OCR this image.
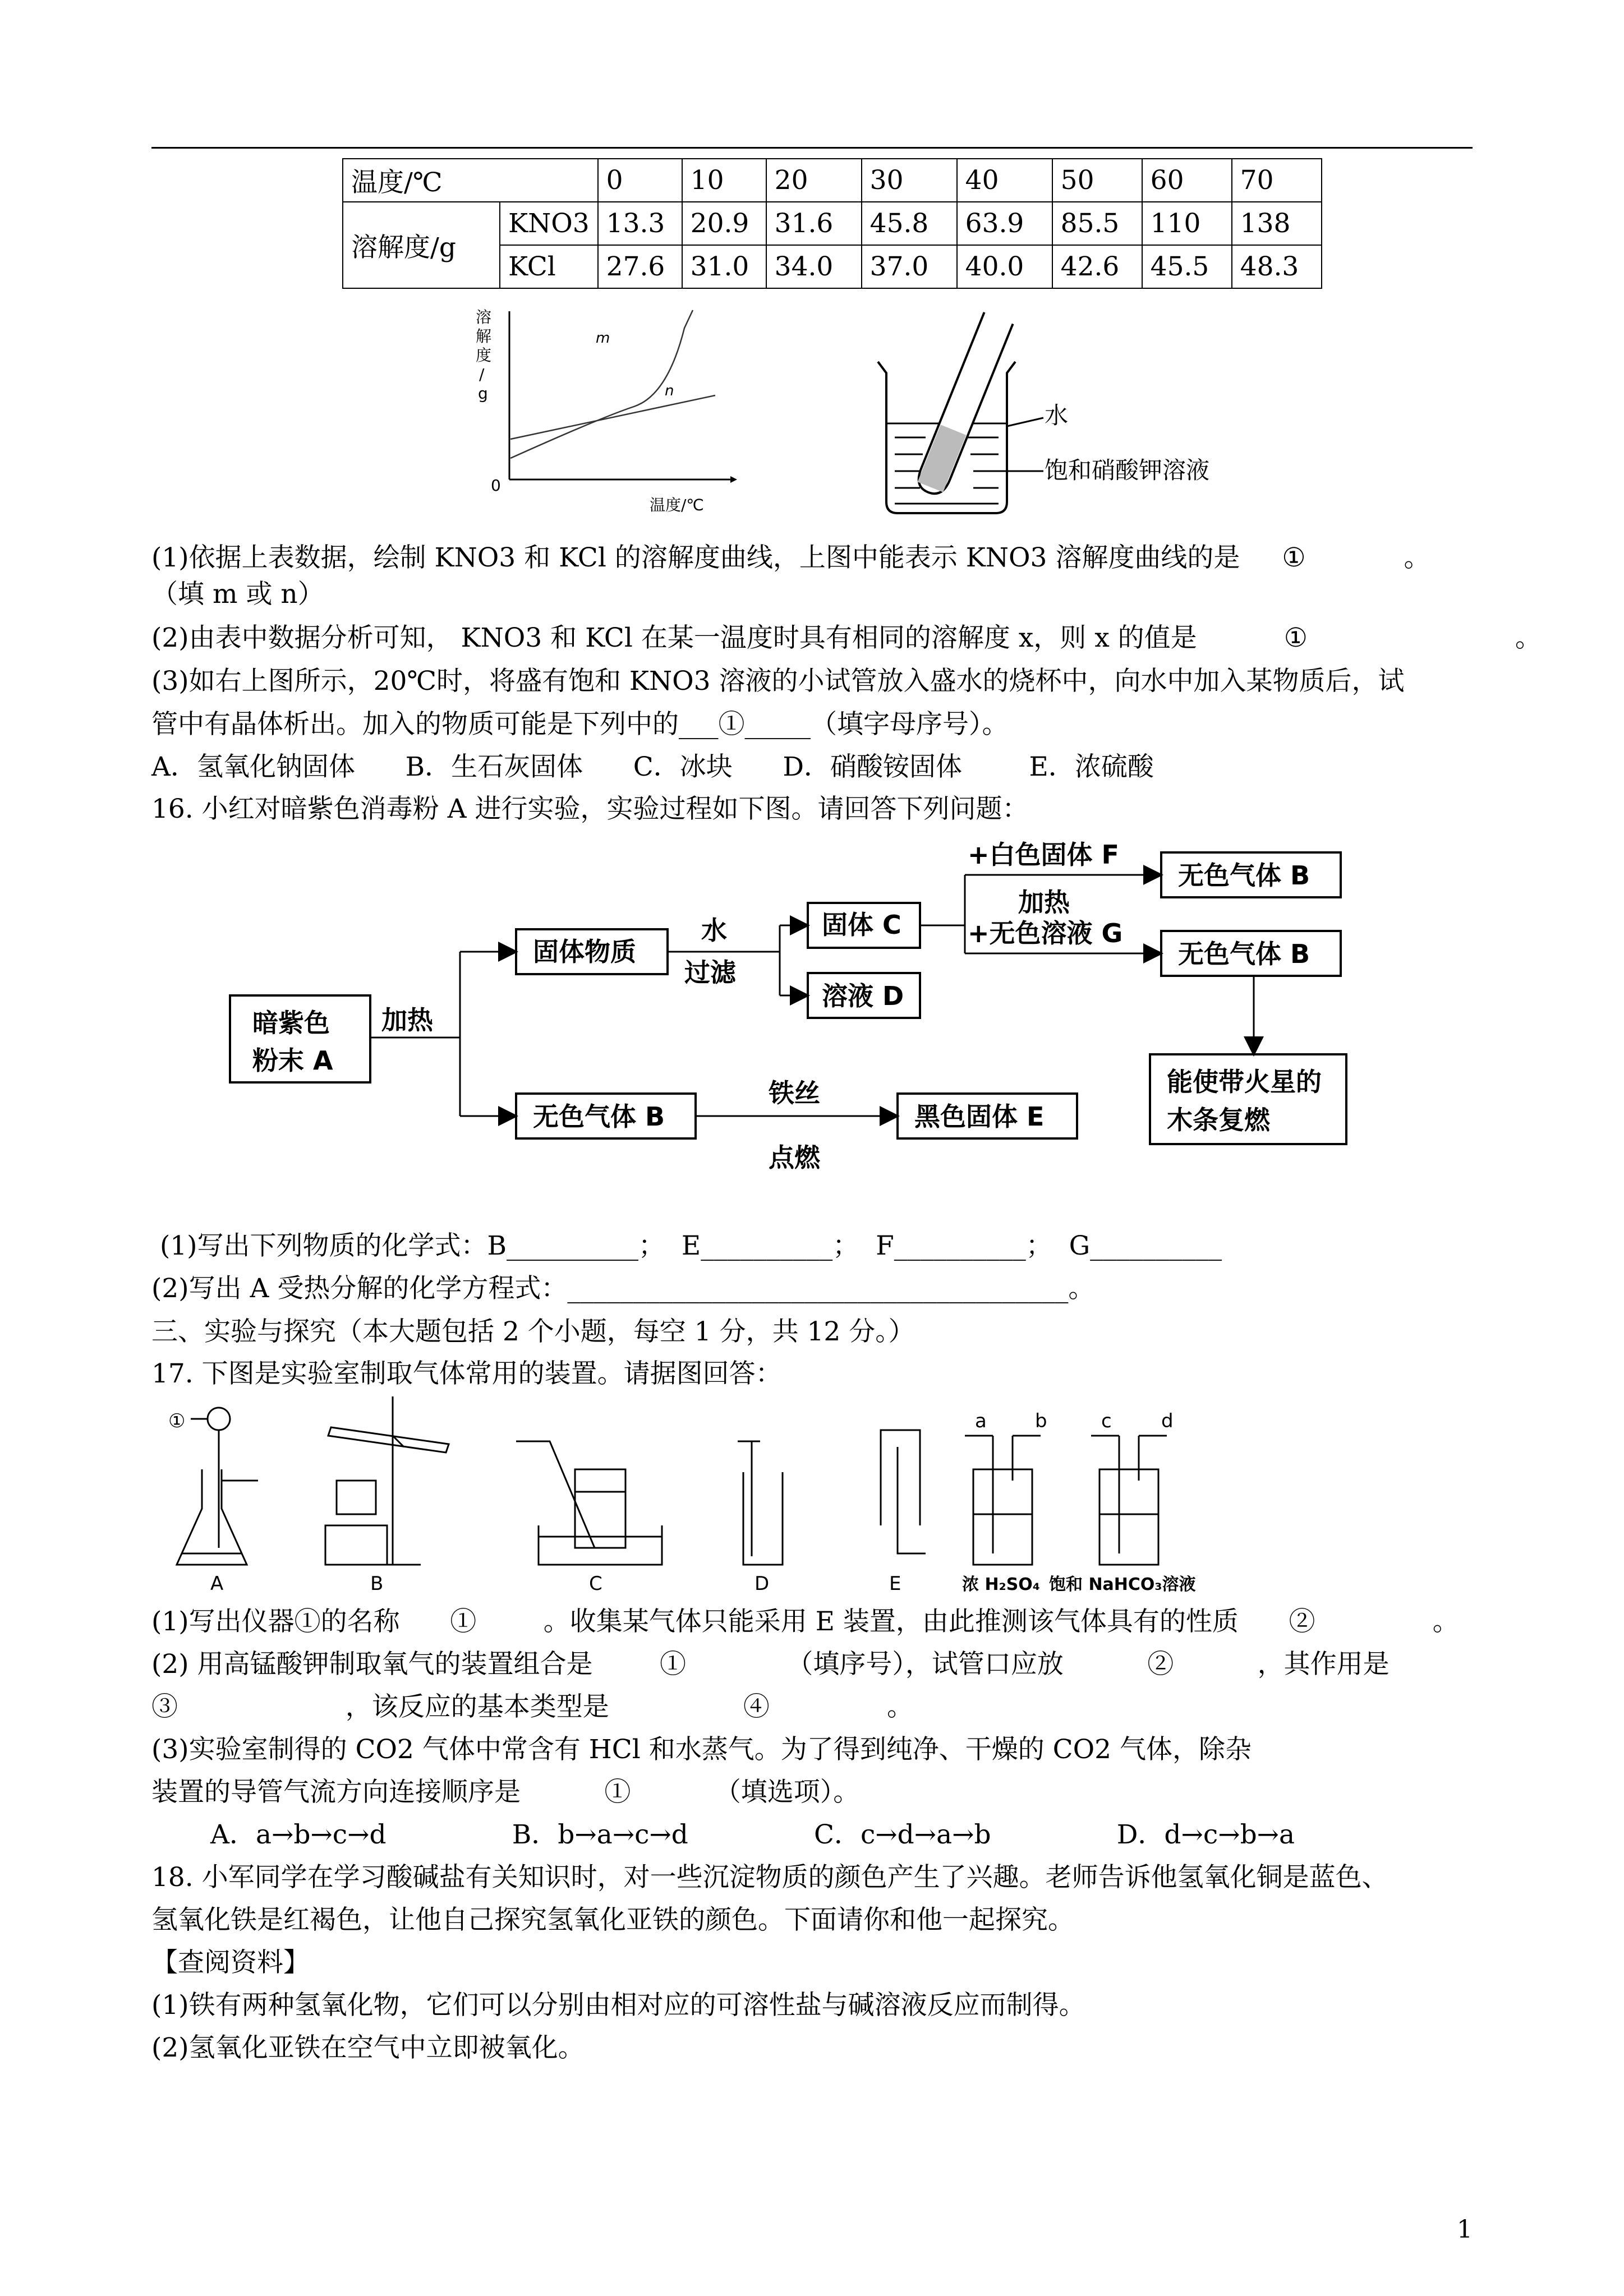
温度/℃		0	10	20	30	40	50	60	70
溶解度/g	KNO3	13.3	20.9	31.6	45.8	63.9	85.5	110	138
	KCl	27.6	31.0	34.0	37.0	40.0	42.6	45.5	48.3
溶
解
度
/
g
0
温度/℃
m
n
水
饱和硝酸钾溶液
(1)依据上表数据，绘制 KNO3 和 KCl 的溶解度曲线，上图中能表示 KNO3 溶解度曲线的是 ①	。
（填 m 或 n）
(2)由表中数据分析可知， KNO3 和 KCl 在某一温度时具有相同的溶解度 x，则 x 的值是	①	。
(3)如右上图所示，20℃时，将盛有饱和 KNO3 溶液的小试管放入盛水的烧杯中，向水中加入某物质后，试
管中有晶体析出。加入的物质可能是下列中的___①_____（填字母序号）。
A．氢氧化钠固体      B．生石灰固体      C．冰块      D．硝酸铵固体        E．浓硫酸
16. 小红对暗紫色消毒粉 A 进行实验，实验过程如下图。请回答下列问题：
暗紫色
粉末 A
加热
固体物质
水
过滤
固体 C
溶液 D
+白色固体 F
加热
+无色溶液 G
无色气体 B
无色气体 B
无色气体 B
铁丝
点燃
黑色固体 E
能使带火星的
木条复燃
(1)写出下列物质的化学式：B__________；  E__________；  F__________；  G__________
(2)写出 A 受热分解的化学方程式：______________________________________。
三、实验与探究（本大题包括 2 个小题，每空 1 分，共 12 分。）
17. 下图是实验室制取气体常用的装置。请据图回答：
①
A	B	C	D	E
a	b	c	d
浓 H₂SO₄ 饱和 NaHCO₃溶液
(1)写出仪器①的名称      ①        。收集某气体只能采用 E 装置，由此推测该气体具有的性质      ②              。
(2) 用高锰酸钾制取氧气的装置组合是        ①            （填序号），试管口应放          ②          ，其作用是
③                    ，该反应的基本类型是                ④              。
(3)实验室制得的 CO2 气体中常含有 HCl 和水蒸气。为了得到纯净、干燥的 CO2 气体，除杂
装置的导管气流方向连接顺序是          ①          （填选项）。
A．a→b→c→d               B．b→a→c→d               C．c→d→a→b               D．d→c→b→a
18. 小军同学在学习酸碱盐有关知识时，对一些沉淀物质的颜色产生了兴趣。老师告诉他氢氧化铜是蓝色、
氢氧化铁是红褐色，让他自己探究氢氧化亚铁的颜色。下面请你和他一起探究。
【查阅资料】
(1)铁有两种氢氧化物，它们可以分别由相对应的可溶性盐与碱溶液反应而制得。
(2)氢氧化亚铁在空气中立即被氧化。
1
